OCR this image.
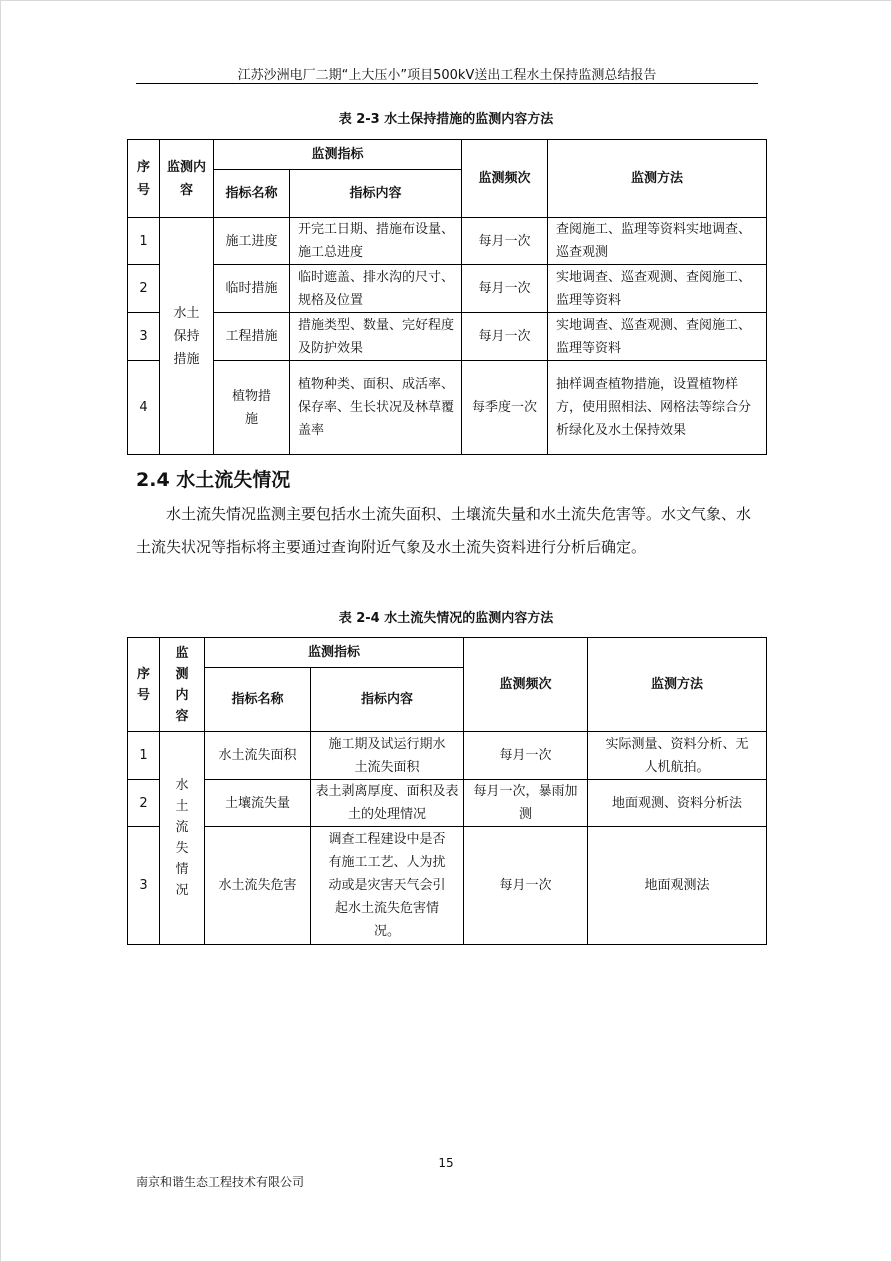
江苏沙洲电厂二期“上大压小”项目500kV送出工程水土保持监测总结报告
表 2-3 水土保持措施的监测内容方法
序号	监测内容	监测指标		监测频次	监测方法
		指标名称	指标内容		
1	水土保持措施	施工进度	开完工日期、措施布设量、施工总进度	每月一次	查阅施工、监理等资料实地调查、巡查观测
2		临时措施	临时遮盖、排水沟的尺寸、规格及位置	每月一次	实地调查、巡查观测、查阅施工、监理等资料
3		工程措施	措施类型、数量、完好程度及防护效果	每月一次	实地调查、巡查观测、查阅施工、监理等资料
4		植物措施	植物种类、面积、成活率、保存率、生长状况及林草覆盖率	每季度一次	抽样调查植物措施，设置植物样方，使用照相法、网格法等综合分析绿化及水土保持效果
2.4 水土流失情况

水土流失情况监测主要包括水土流失面积、土壤流失量和水土流失危害等。水文气象、水土流失状况等指标将主要通过查询附近气象及水土流失资料进行分析后确定。

表 2-4 水土流失情况的监测内容方法
序号	监测内容	监测指标		监测频次	监测方法
		指标名称	指标内容		
1	水土流失情况	水土流失面积	施工期及试运行期水土流失面积	每月一次	实际测量、资料分析、无人机航拍。
2		土壤流失量	表土剥离厚度、面积及表土的处理情况	每月一次，暴雨加测	地面观测、资料分析法
3		水土流失危害	调查工程建设中是否有施工工艺、人为扰动或是灾害天气会引起水土流失危害情况。	每月一次	地面观测法
15
南京和谐生态工程技术有限公司
